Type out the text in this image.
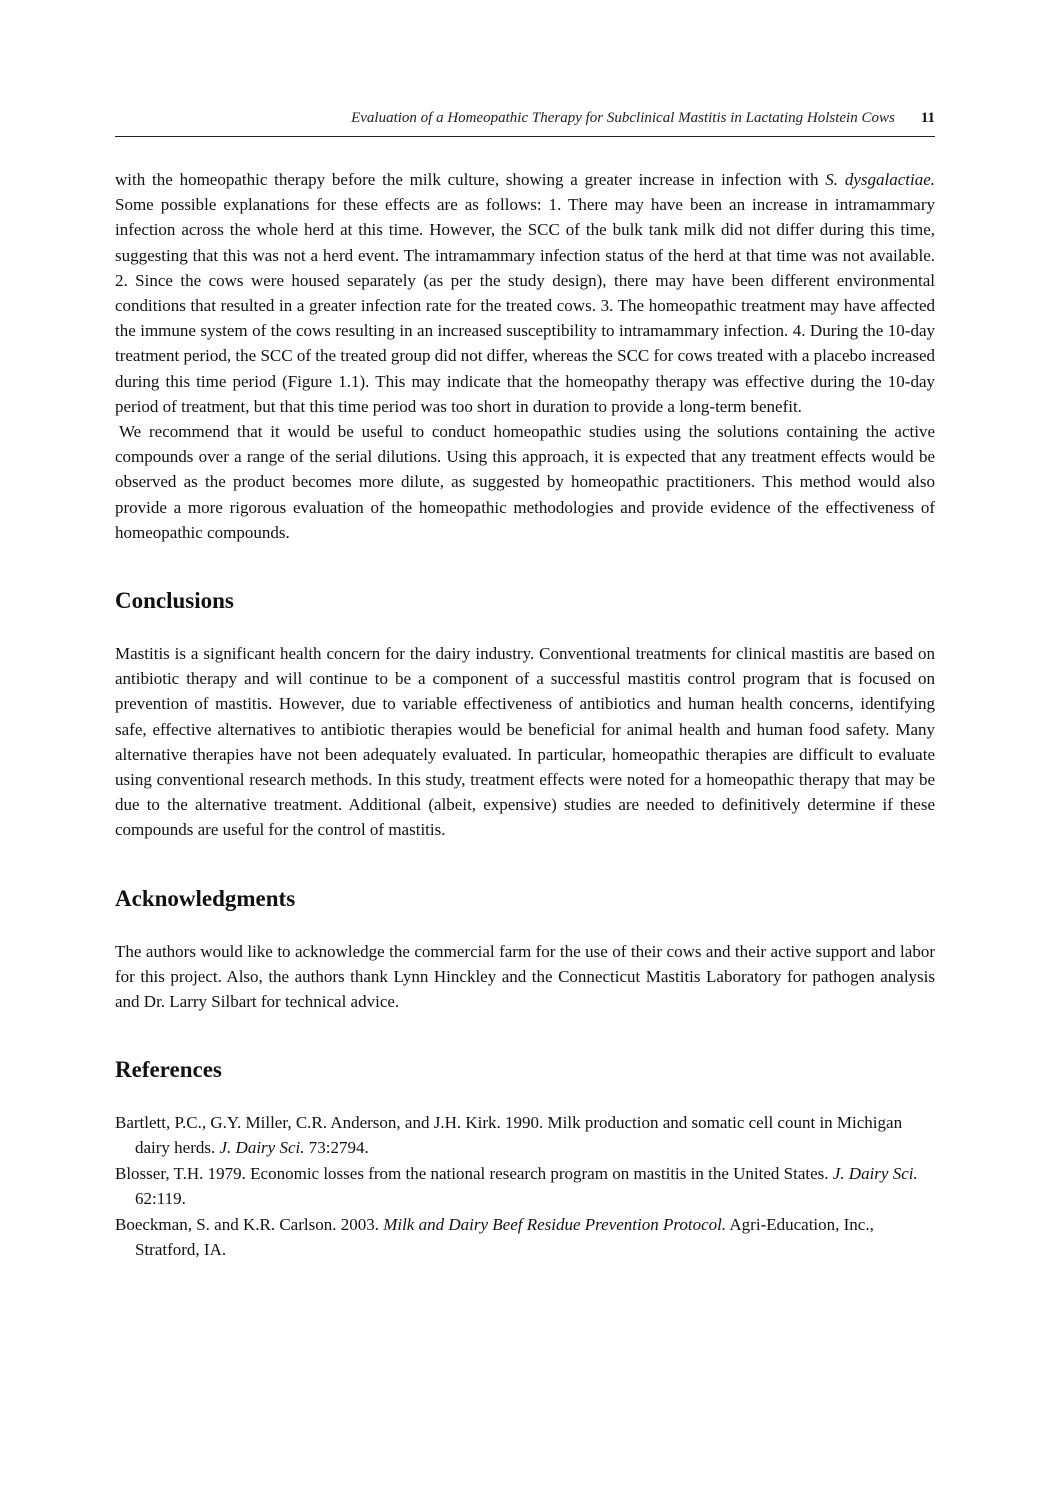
Evaluation of a Homeopathic Therapy for Subclinical Mastitis in Lactating Holstein Cows 11

with the homeopathic therapy before the milk culture, showing a greater increase in infection with S. dysgalactiae. Some possible explanations for these effects are as follows: 1. There may have been an increase in intramammary infection across the whole herd at this time. However, the SCC of the bulk tank milk did not differ during this time, suggesting that this was not a herd event. The intramammary infection status of the herd at that time was not available. 2. Since the cows were housed separately (as per the study design), there may have been different environmental conditions that resulted in a greater infection rate for the treated cows. 3. The homeopathic treatment may have affected the immune system of the cows resulting in an increased susceptibility to intramammary infection. 4. During the 10-day treatment period, the SCC of the treated group did not differ, whereas the SCC for cows treated with a placebo increased during this time period (Figure 1.1). This may indicate that the homeopathy therapy was effective during the 10-day period of treatment, but that this time period was too short in duration to provide a long-term benefit.

We recommend that it would be useful to conduct homeopathic studies using the solutions containing the active compounds over a range of the serial dilutions. Using this approach, it is expected that any treatment effects would be observed as the product becomes more dilute, as suggested by homeopathic practitioners. This method would also provide a more rigorous evaluation of the homeopathic methodologies and provide evidence of the effectiveness of homeopathic compounds.

Conclusions

Mastitis is a significant health concern for the dairy industry. Conventional treatments for clinical mastitis are based on antibiotic therapy and will continue to be a component of a successful mastitis control program that is focused on prevention of mastitis. However, due to variable effectiveness of antibiotics and human health concerns, identifying safe, effective alternatives to antibiotic therapies would be beneficial for animal health and human food safety. Many alternative therapies have not been adequately evaluated. In particular, homeopathic therapies are difficult to evaluate using conventional research methods. In this study, treatment effects were noted for a homeopathic therapy that may be due to the alternative treatment. Additional (albeit, expensive) studies are needed to definitively determine if these compounds are useful for the control of mastitis.

Acknowledgments

The authors would like to acknowledge the commercial farm for the use of their cows and their active support and labor for this project. Also, the authors thank Lynn Hinckley and the Connecticut Mastitis Laboratory for pathogen analysis and Dr. Larry Silbart for technical advice.

References
Bartlett, P.C., G.Y. Miller, C.R. Anderson, and J.H. Kirk. 1990. Milk production and somatic cell count in Michigan dairy herds. J. Dairy Sci. 73:2794.
Blosser, T.H. 1979. Economic losses from the national research program on mastitis in the United States. J. Dairy Sci. 62:119.
Boeckman, S. and K.R. Carlson. 2003. Milk and Dairy Beef Residue Prevention Protocol. Agri-Education, Inc., Stratford, IA.
